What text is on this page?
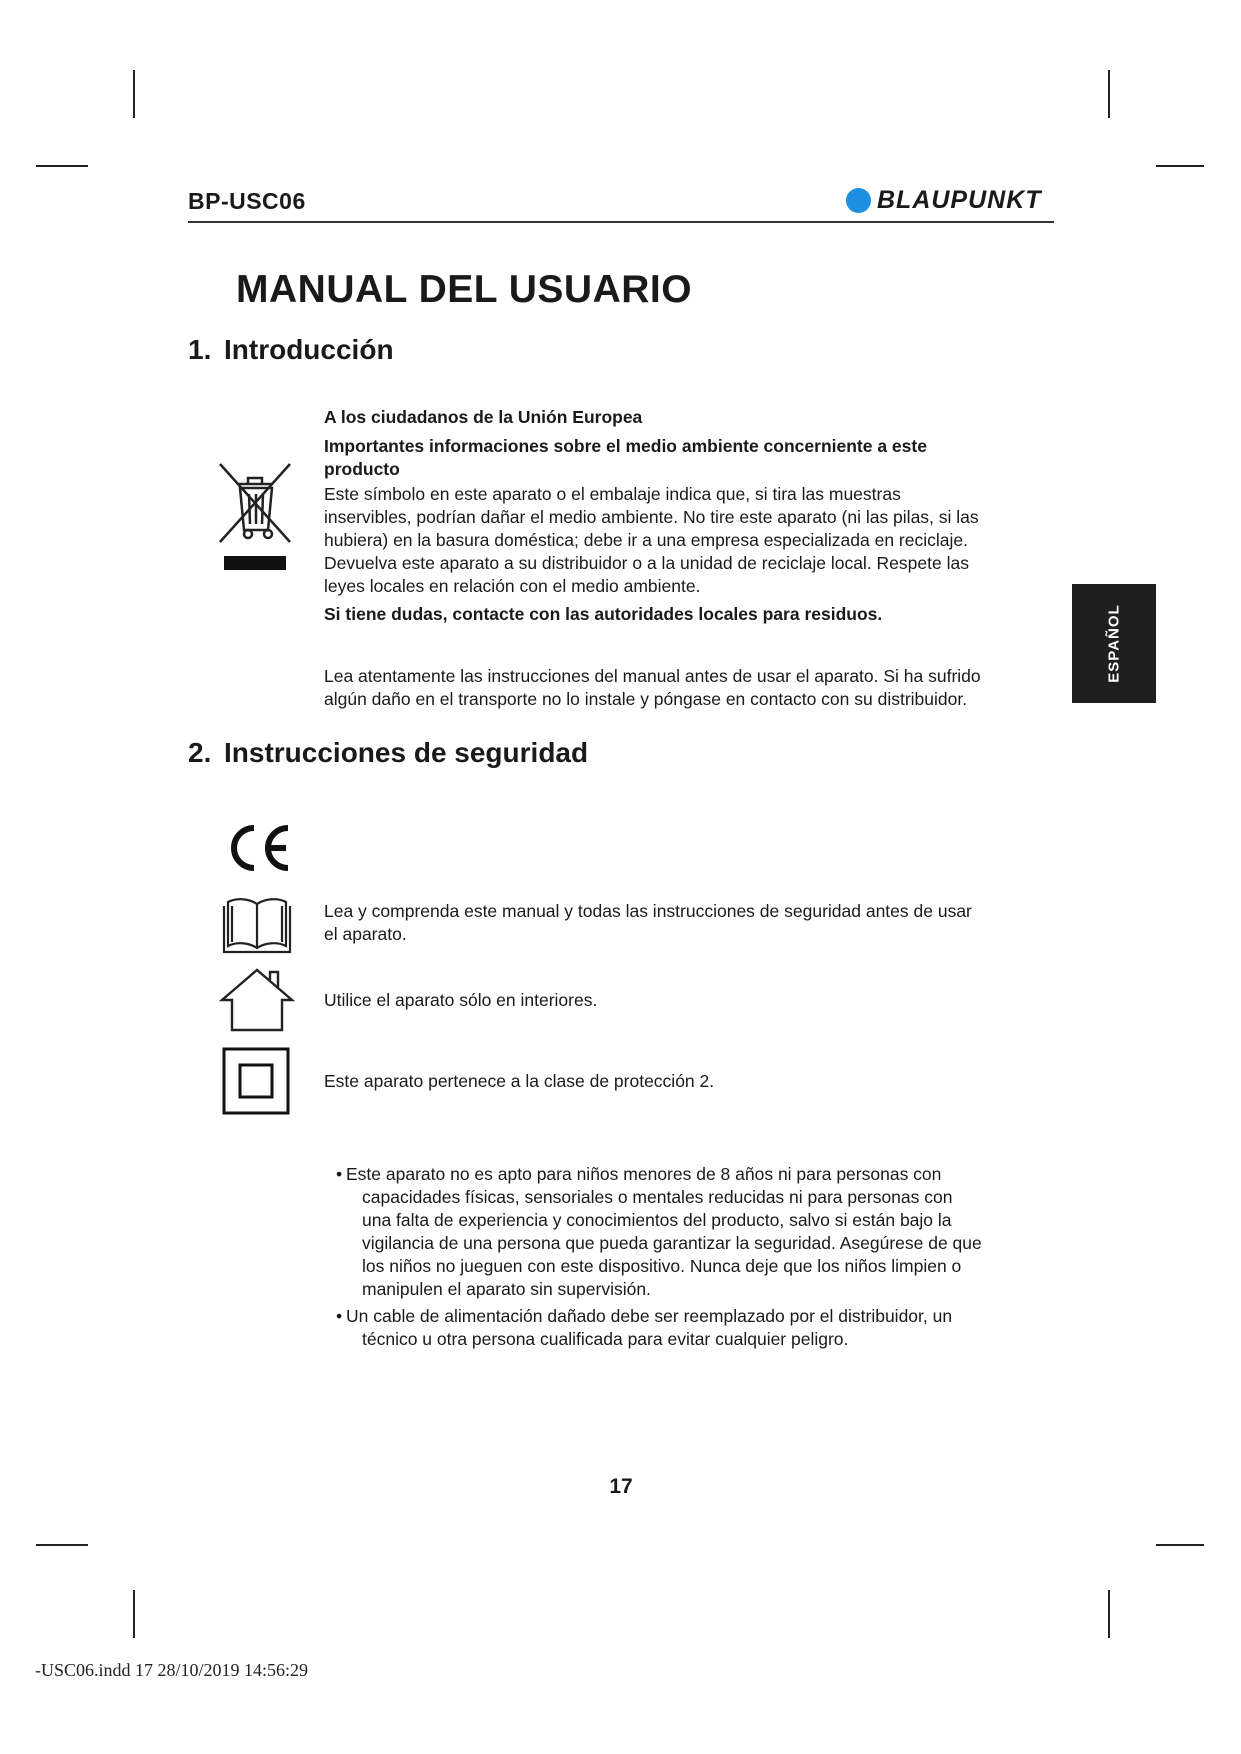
BP-USC06	BLAUPUNKT
MANUAL DEL USUARIO
1. Introducción
A los ciudadanos de la Unión Europea
Importantes informaciones sobre el medio ambiente concerniente a este producto
Este símbolo en este aparato o el embalaje indica que, si tira las muestras
inservibles, podrían dañar el medio ambiente. No tire este aparato (ni las pilas, si las
hubiera) en la basura doméstica; debe ir a una empresa especializada en reciclaje.
Devuelva este aparato a su distribuidor o a la unidad de reciclaje local. Respete las
leyes locales en relación con el medio ambiente.
Si tiene dudas, contacte con las autoridades locales para residuos.
Lea atentamente las instrucciones del manual antes de usar el aparato. Si ha sufrido
algún daño en el transporte no lo instale y póngase en contacto con su distribuidor.
ESPAÑOL
2. Instrucciones de seguridad
Lea y comprenda este manual y todas las instrucciones de seguridad antes de usar
el aparato.
Utilice el aparato sólo en interiores.
Este aparato pertenece a la clase de protección 2.
• Este aparato no es apto para niños menores de 8 años ni para personas con
capacidades físicas, sensoriales o mentales reducidas ni para personas con
una falta de experiencia y conocimientos del producto, salvo si están bajo la
vigilancia de una persona que pueda garantizar la seguridad. Asegúrese de que
los niños no jueguen con este dispositivo. Nunca deje que los niños limpien o
manipulen el aparato sin supervisión.
• Un cable de alimentación dañado debe ser reemplazado por el distribuidor, un
técnico u otra persona cualificada para evitar cualquier peligro.
17
-USC06.indd 17 28/10/2019 14:56:29
